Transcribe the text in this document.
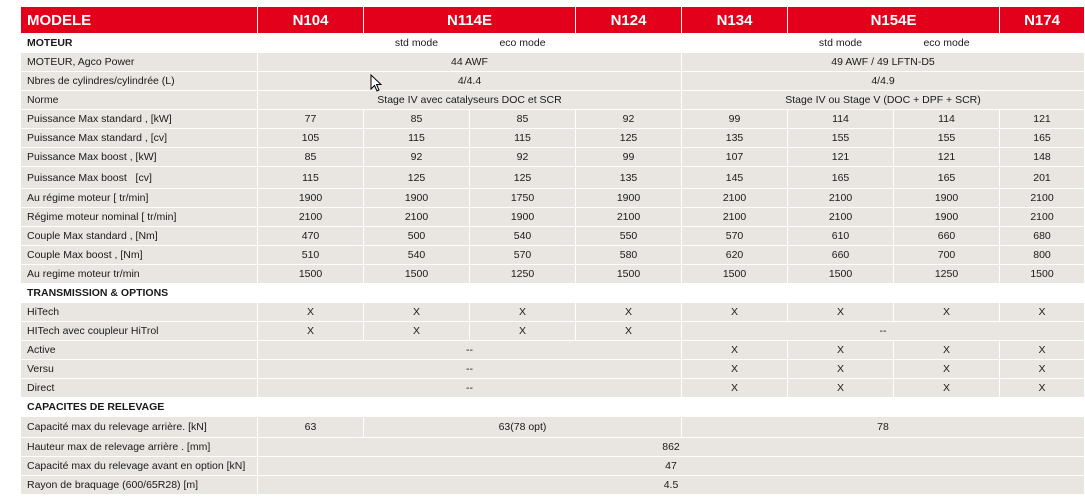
MODELE	N104	N114E		N124	N134	N154E		N174
MOTEUR		std mode	eco mode			std mode	eco mode	
MOTEUR, Agco Power	44 AWF				49 AWF / 49 LFTN-D5			
Nbres de cylindres/cylindrée (L)	4/4.4				4/4.9			
Norme	Stage IV avec catalyseurs DOC et SCR				Stage IV ou Stage V (DOC + DPF + SCR)			
Puissance Max standard , [kW]	77	85	85	92	99	114	114	121
Puissance Max standard , [cv]	105	115	115	125	135	155	155	165
Puissance Max boost , [kW]	85	92	92	99	107	121	121	148
Puissance Max boost   [cv]	115	125	125	135	145	165	165	201
Au régime moteur [ tr/min]	1900	1900	1750	1900	2100	2100	1900	2100
Régime moteur nominal [ tr/min]	2100	2100	1900	2100	2100	2100	1900	2100
Couple Max standard , [Nm]	470	500	540	550	570	610	660	680
Couple Max boost , [Nm]	510	540	570	580	620	660	700	800
Au regime moteur tr/min	1500	1500	1250	1500	1500	1500	1250	1500
TRANSMISSION & OPTIONS								
HiTech	X	X	X	X	X	X	X	X
HITech avec coupleur HiTrol	X	X	X	X	--			
Active	--				X	X	X	X
Versu	--				X	X	X	X
Direct	--				X	X	X	X
CAPACITES DE RELEVAGE								
Capacité max du relevage arrière. [kN]	63	63(78 opt)			78			
Hauteur max de relevage arrière . [mm]	862							
Capacité max du relevage avant en option [kN]	47							
Rayon de braquage (600/65R28) [m]	4.5							
